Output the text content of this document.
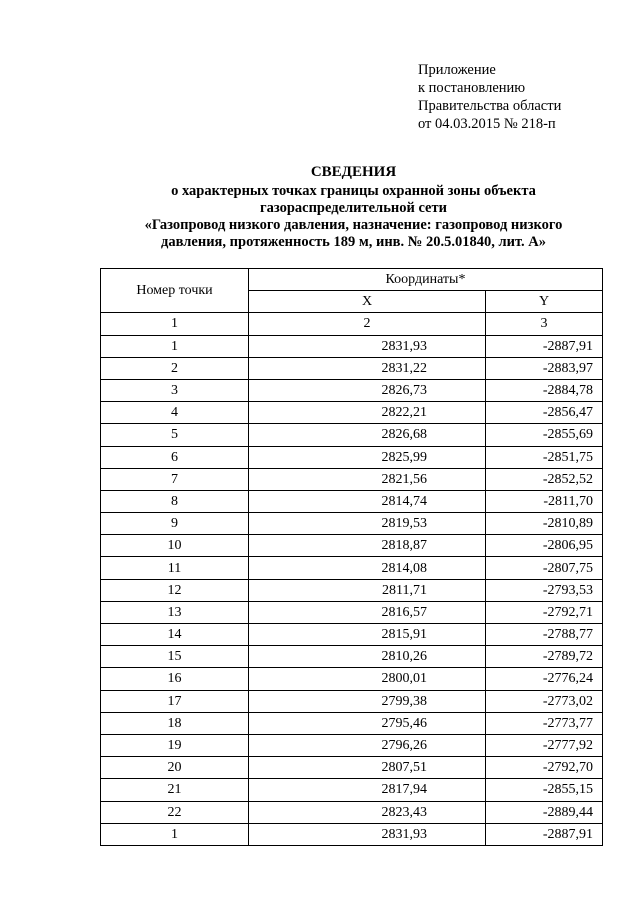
Приложение
к постановлению
Правительства области
от 04.03.2015 № 218-п
СВЕДЕНИЯ
о характерных точках границы охранной зоны объекта
газораспределительной сети
«Газопровод низкого давления, назначение: газопровод низкого
давления, протяженность 189 м, инв. № 20.5.01840, лит. А»
Номер точки	Координаты*	
	X	Y
1	2	3
1	2831,93	-2887,91
2	2831,22	-2883,97
3	2826,73	-2884,78
4	2822,21	-2856,47
5	2826,68	-2855,69
6	2825,99	-2851,75
7	2821,56	-2852,52
8	2814,74	-2811,70
9	2819,53	-2810,89
10	2818,87	-2806,95
11	2814,08	-2807,75
12	2811,71	-2793,53
13	2816,57	-2792,71
14	2815,91	-2788,77
15	2810,26	-2789,72
16	2800,01	-2776,24
17	2799,38	-2773,02
18	2795,46	-2773,77
19	2796,26	-2777,92
20	2807,51	-2792,70
21	2817,94	-2855,15
22	2823,43	-2889,44
1	2831,93	-2887,91
